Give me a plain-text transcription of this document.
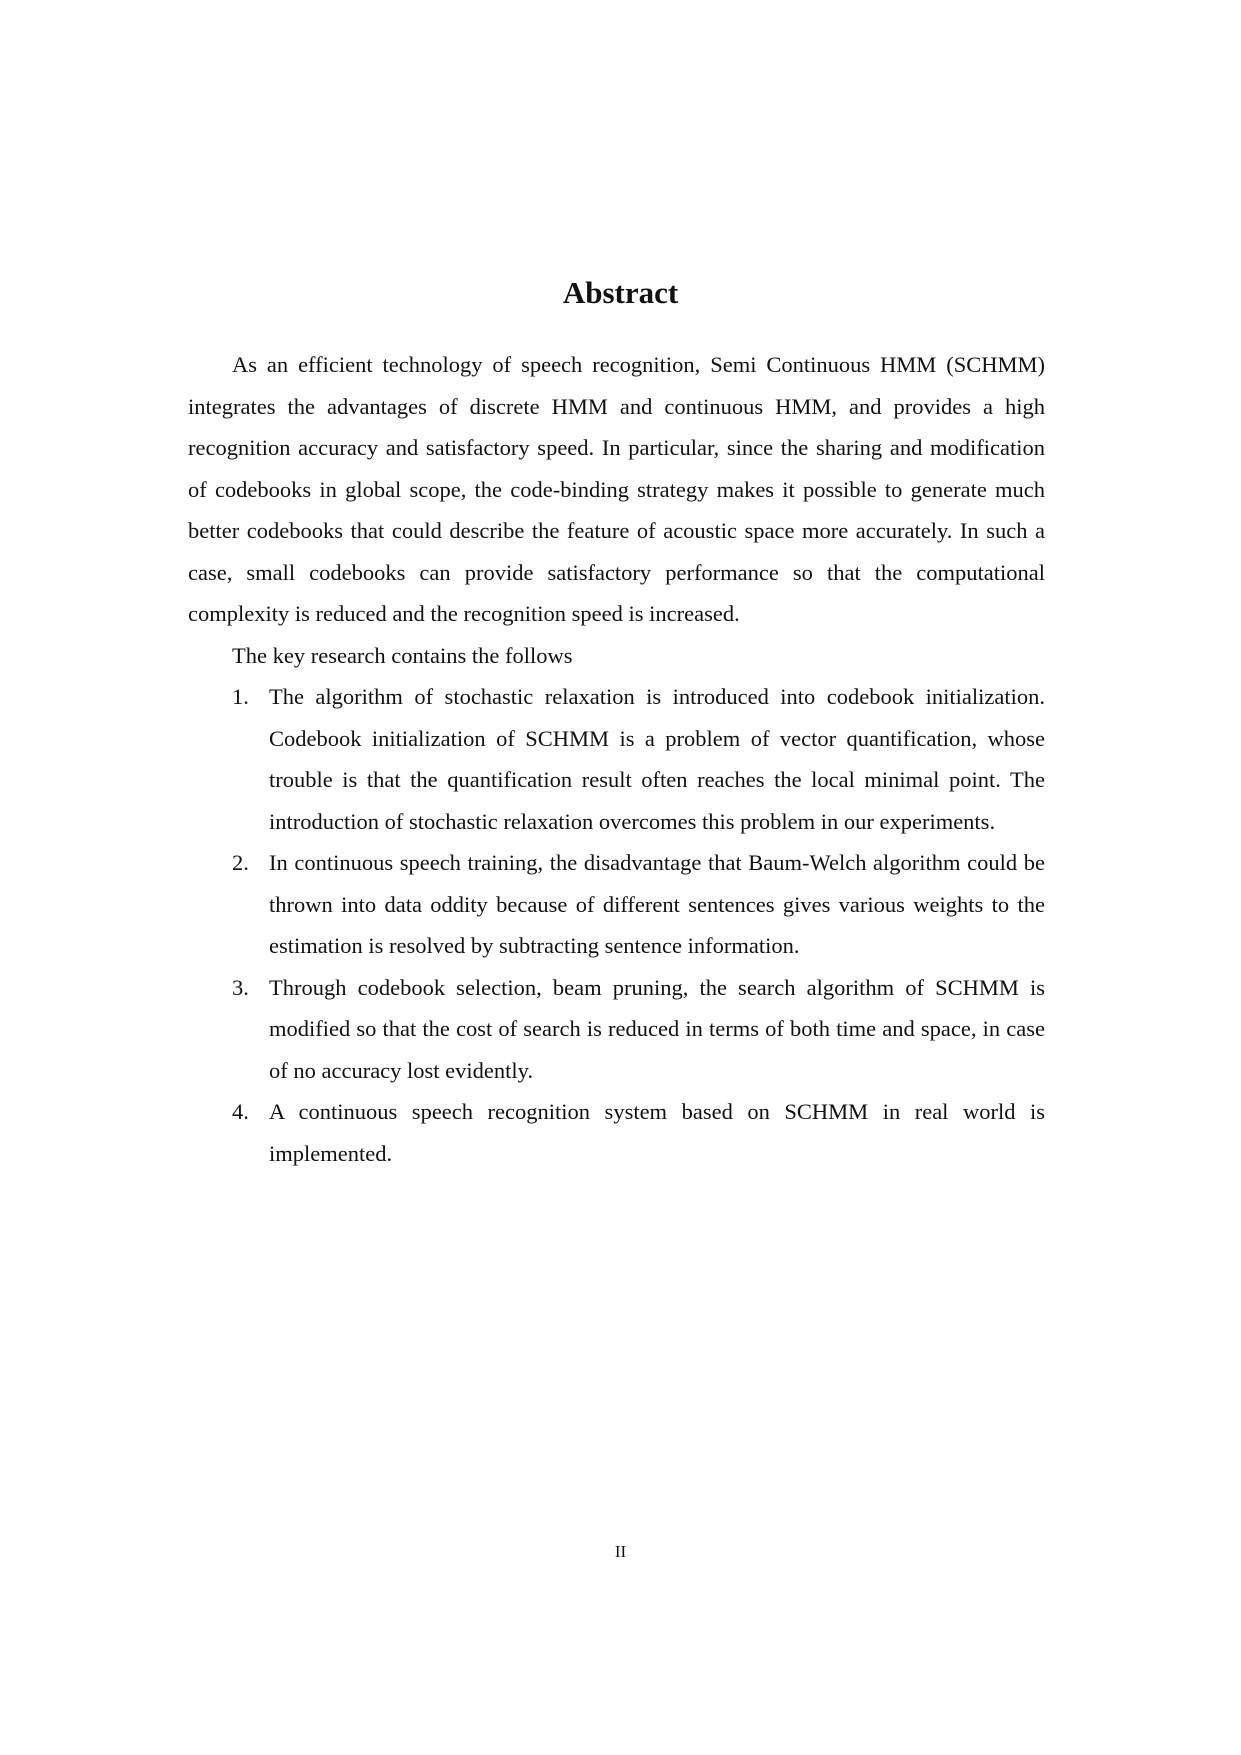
Abstract

As an efficient technology of speech recognition, Semi Continuous HMM (SCHMM) integrates the advantages of discrete HMM and continuous HMM, and provides a high recognition accuracy and satisfactory speed. In particular, since the sharing and modification of codebooks in global scope, the code-binding strategy makes it possible to generate much better codebooks that could describe the feature of acoustic space more accurately. In such a case, small codebooks can provide satisfactory performance so that the computational complexity is reduced and the recognition speed is increased.

The key research contains the follows

1. The algorithm of stochastic relaxation is introduced into codebook initialization. Codebook initialization of SCHMM is a problem of vector quantification, whose trouble is that the quantification result often reaches the local minimal point. The introduction of stochastic relaxation overcomes this problem in our experiments.
2. In continuous speech training, the disadvantage that Baum-Welch algorithm could be thrown into data oddity because of different sentences gives various weights to the estimation is resolved by subtracting sentence information.
3. Through codebook selection, beam pruning, the search algorithm of SCHMM is modified so that the cost of search is reduced in terms of both time and space, in case of no accuracy lost evidently.
4. A continuous speech recognition system based on SCHMM in real world is implemented.
II
